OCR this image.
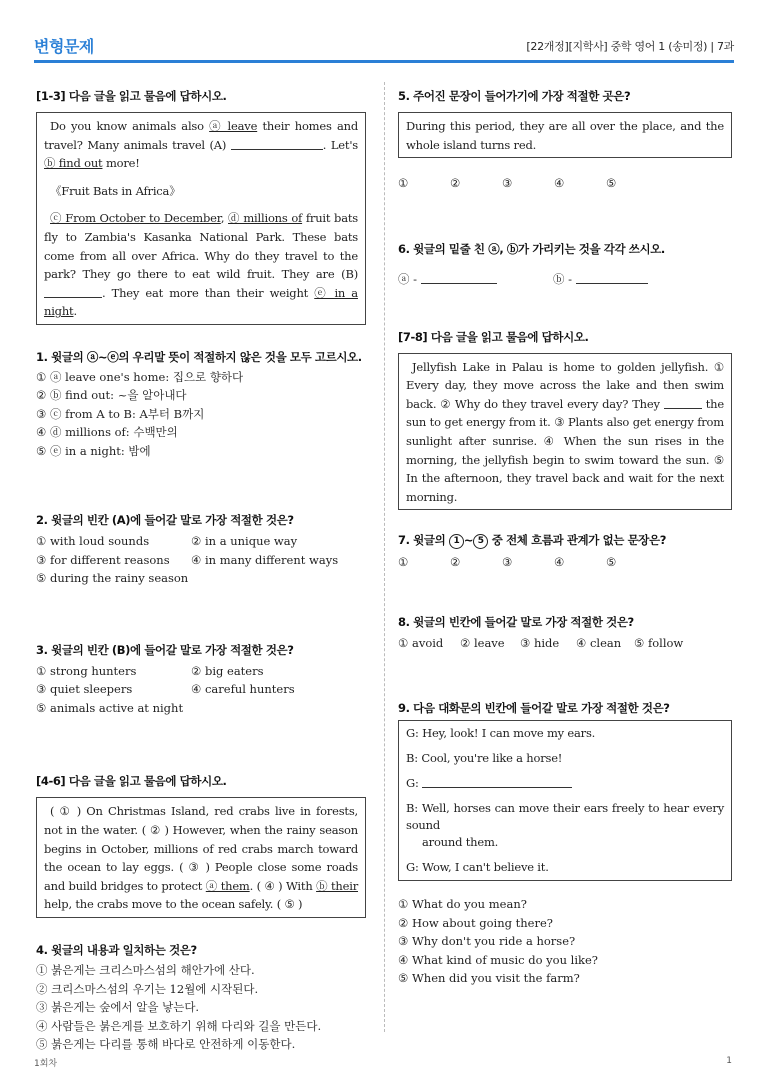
변형문제	[22개정][지학사] 중학 영어 1 (송미정) | 7과
[1-3] 다음 글을 읽고 물음에 답하시오.

Do you know animals also ⓐ leave their homes and travel? Many animals travel (A)	. Let's ⓑ find out more!

《Fruit Bats in Africa》

ⓒ From October to December, ⓓ millions of fruit bats fly to Zambia's Kasanka National Park. These bats come from all over Africa. Why do they travel to the park? They go there to eat wild fruit. They are (B) . They eat more than their weight ⓔ in a night.

1. 윗글의 ⓐ~ⓔ의 우리말 뜻이 적절하지 않은 것을 모두 고르시오.
① ⓐ leave one's home: 집으로 향하다
② ⓑ find out: ~을 알아내다
③ ⓒ from A to B: A부터 B까지
④ ⓓ millions of: 수백만의
⑤ ⓔ in a night: 밤에
2. 윗글의 빈칸 (A)에 들어갈 말로 가장 적절한 것은?
① with loud sounds	② in a unique way
③ for different reasons	④ in many different ways
⑤ during the rainy season
3. 윗글의 빈칸 (B)에 들어갈 말로 가장 적절한 것은?
① strong hunters	② big eaters
③ quiet sleepers	④ careful hunters
⑤ animals active at night
[4-6] 다음 글을 읽고 물음에 답하시오.

( ① ) On Christmas Island, red crabs live in forests, not in the water. ( ② ) However, when the rainy season begins in October, millions of red crabs march toward the ocean to lay eggs. ( ③ ) People close some roads and build bridges to protect ⓐ them. ( ④ ) With ⓑ their help, the crabs move to the ocean safely. ( ⑤ )

4. 윗글의 내용과 일치하는 것은?
① 붉은게는 크리스마스섬의 해안가에 산다.
② 크리스마스섬의 우기는 12월에 시작된다.
③ 붉은게는 숲에서 알을 낳는다.
④ 사람들은 붉은게를 보호하기 위해 다리와 길을 만든다.
⑤ 붉은게는 다리를 통해 바다로 안전하게 이동한다.
5. 주어진 문장이 들어가기에 가장 적절한 곳은?
During this period, they are all over the place, and the whole island turns red.
①	②	③	④	⑤
6. 윗글의 밑줄 친 ⓐ, ⓑ가 가리키는 것을 각각 쓰시오.
ⓐ -	ⓑ -
[7-8] 다음 글을 읽고 물음에 답하시오.

Jellyfish Lake in Palau is home to golden jellyfish. ① Every day, they move across the lake and then swim back. ② Why do they travel every day? They	the sun to get energy from it. ③ Plants also get energy from sunlight after sunrise. ④ When the sun rises in the morning, the jellyfish begin to swim toward the sun. ⑤ In the afternoon, they travel back and wait for the next morning.

7. 윗글의 1 ~ 5 중 전체 흐름과 관계가 없는 문장은?
①	②	③	④	⑤
8. 윗글의 빈칸에 들어갈 말로 가장 적절한 것은?
① avoid	② leave	③ hide	④ clean	⑤ follow
9. 다음 대화문의 빈칸에 들어갈 말로 가장 적절한 것은?
G: Hey, look! I can move my ears.
B: Cool, you're like a horse!
G:
B: Well, horses can move their ears freely to hear every sound
around them.
G: Wow, I can't believe it.
① What do you mean?
② How about going there?
③ Why don't you ride a horse?
④ What kind of music do you like?
⑤ When did you visit the farm?
1회차	1
